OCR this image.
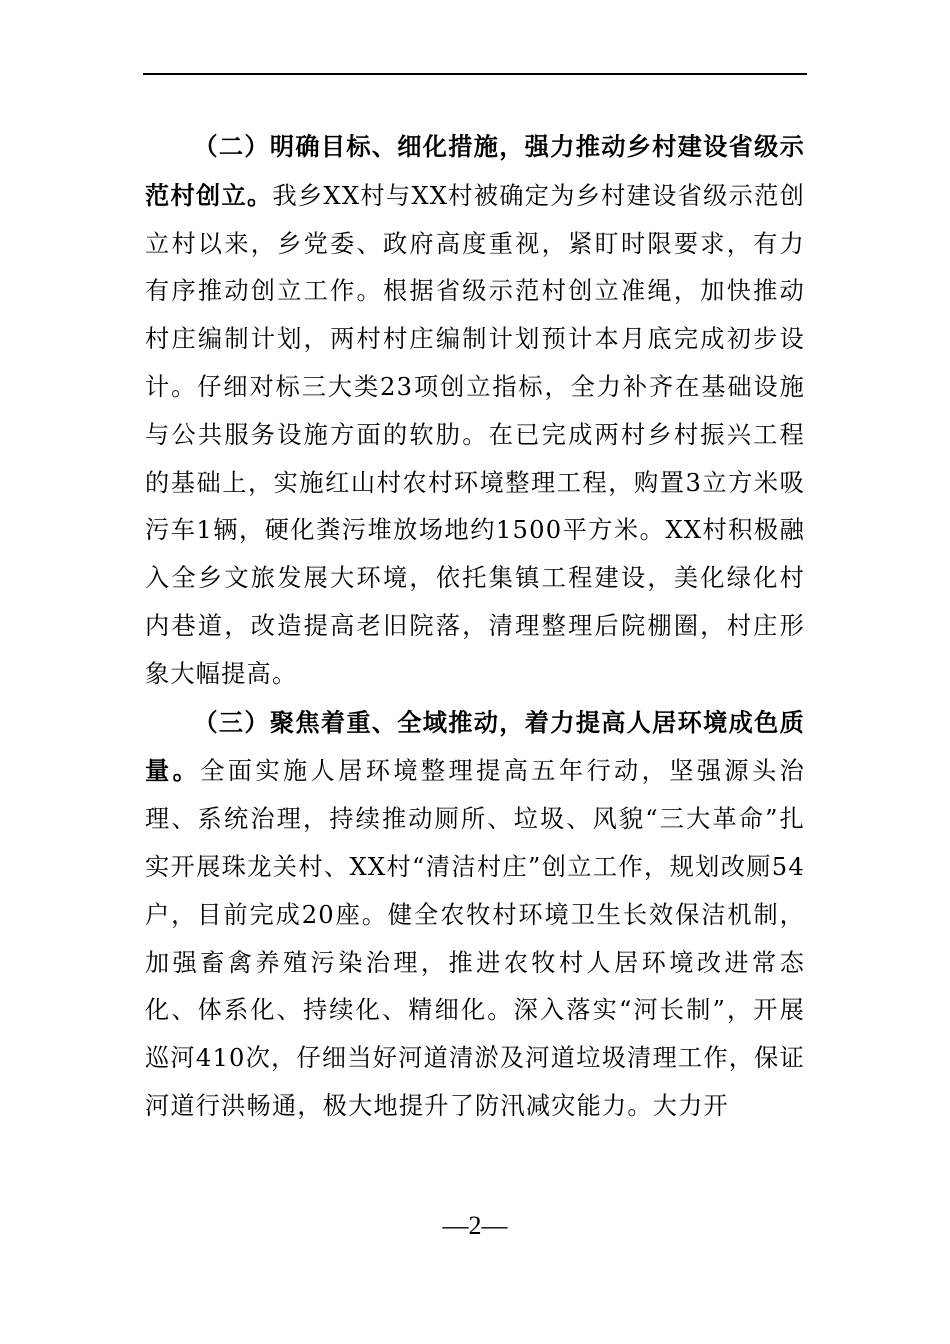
（二）明确目标、细化措施，强力推动乡村建设省级示范村创立。我乡XX村与XX村被确定为乡村建设省级示范创立村以来，乡党委、政府高度重视，紧盯时限要求，有力有序推动创立工作。根据省级示范村创立准绳，加快推动村庄编制计划，两村村庄编制计划预计本月底完成初步设计。仔细对标三大类23项创立指标，全力补齐在基础设施与公共服务设施方面的软肋。在已完成两村乡村振兴工程的基础上，实施红山村农村环境整理工程，购置3立方米吸污车1辆，硬化粪污堆放场地约1500平方米。XX村积极融入全乡文旅发展大环境，依托集镇工程建设，美化绿化村内巷道，改造提高老旧院落，清理整理后院棚圈，村庄形象大幅提高。

（三）聚焦着重、全域推动，着力提高人居环境成色质量。全面实施人居环境整理提高五年行动，坚强源头治理、系统治理，持续推动厕所、垃圾、风貌“三大革命”扎实开展珠龙关村、XX村“清洁村庄”创立工作，规划改厕54户，目前完成20座。健全农牧村环境卫生长效保洁机制，加强畜禽养殖污染治理，推进农牧村人居环境改进常态化、体系化、持续化、精细化。深入落实“河长制”，开展巡河410次，仔细当好河道清淤及河道垃圾清理工作，保证河道行洪畅通，极大地提升了防汛减灾能力。大力开

—2—
